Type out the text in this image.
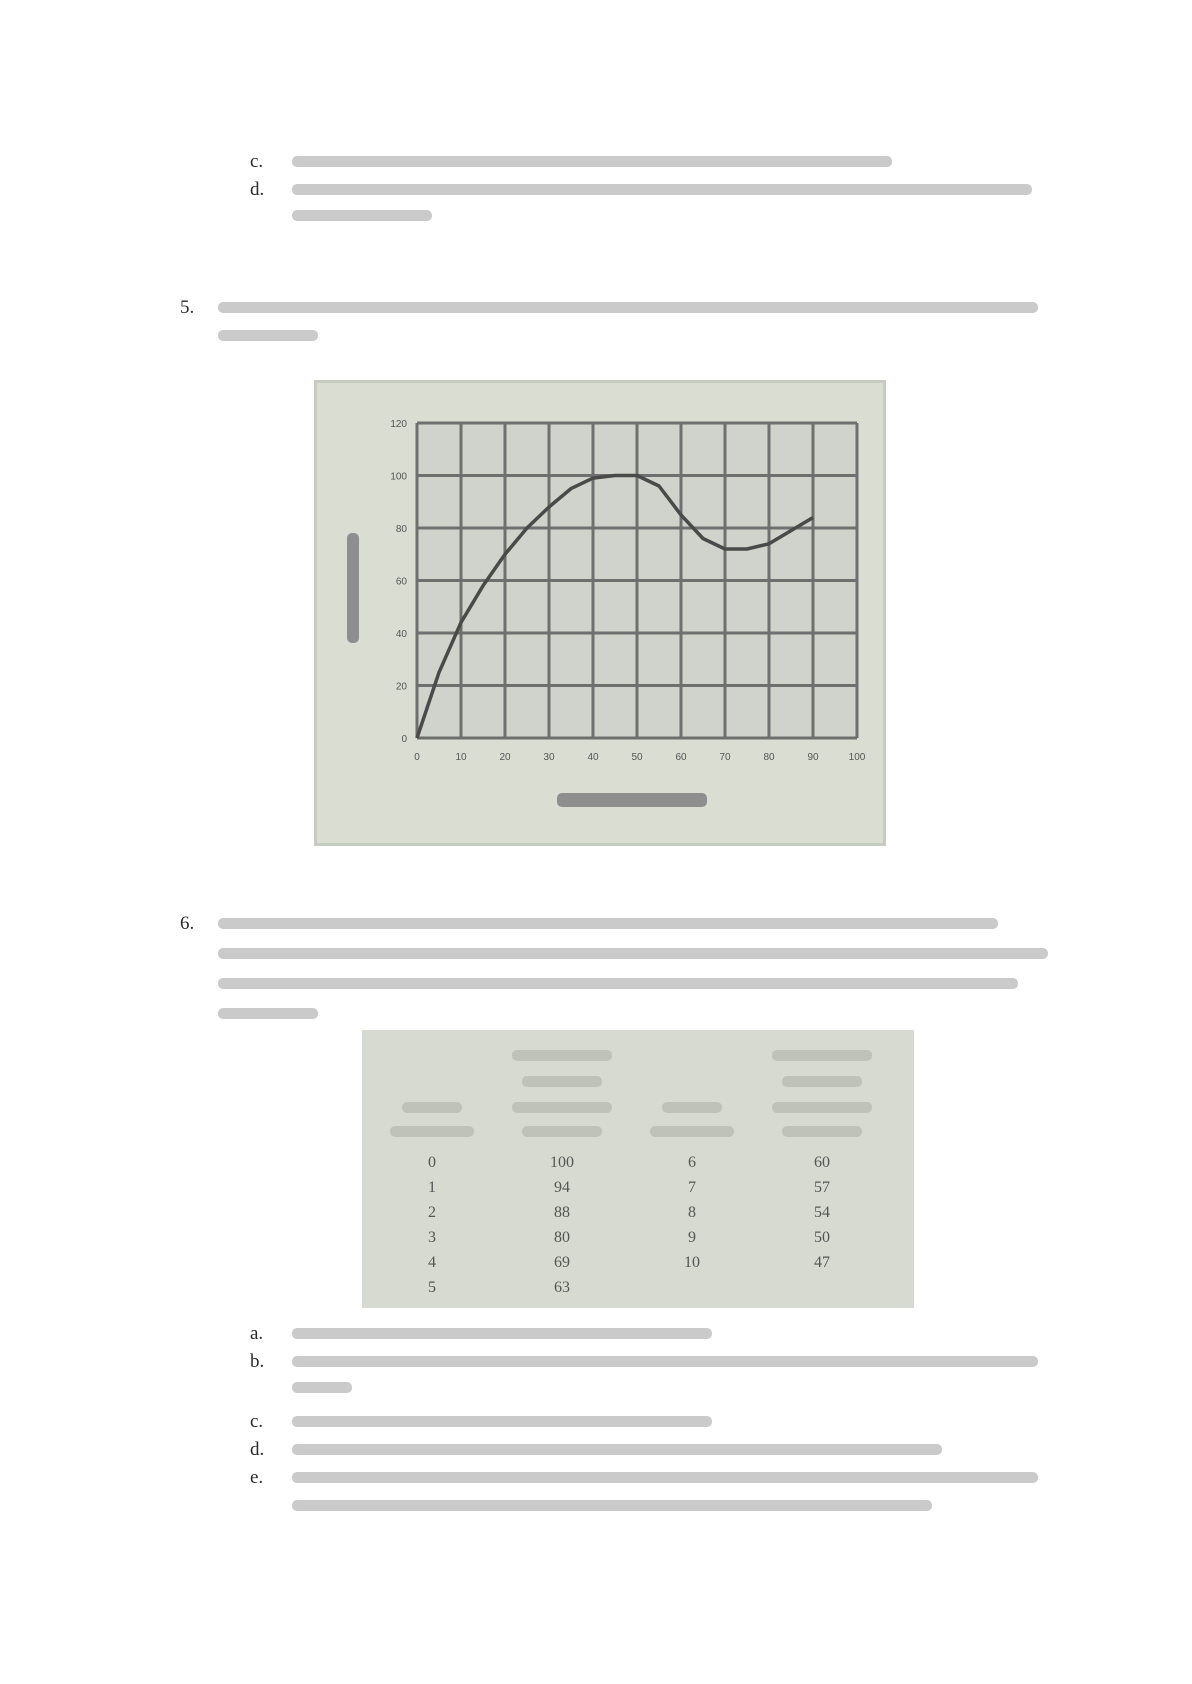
c.
d.
5.
0
20
40
60
80
100
120
0	10	20	30	40	50	60	70	80	90	100
6.
0	100	6	60
1	94	7	57
2	88	8	54
3	80	9	50
4	69	10	47
5	63
a.
b.
c.
d.
e.
